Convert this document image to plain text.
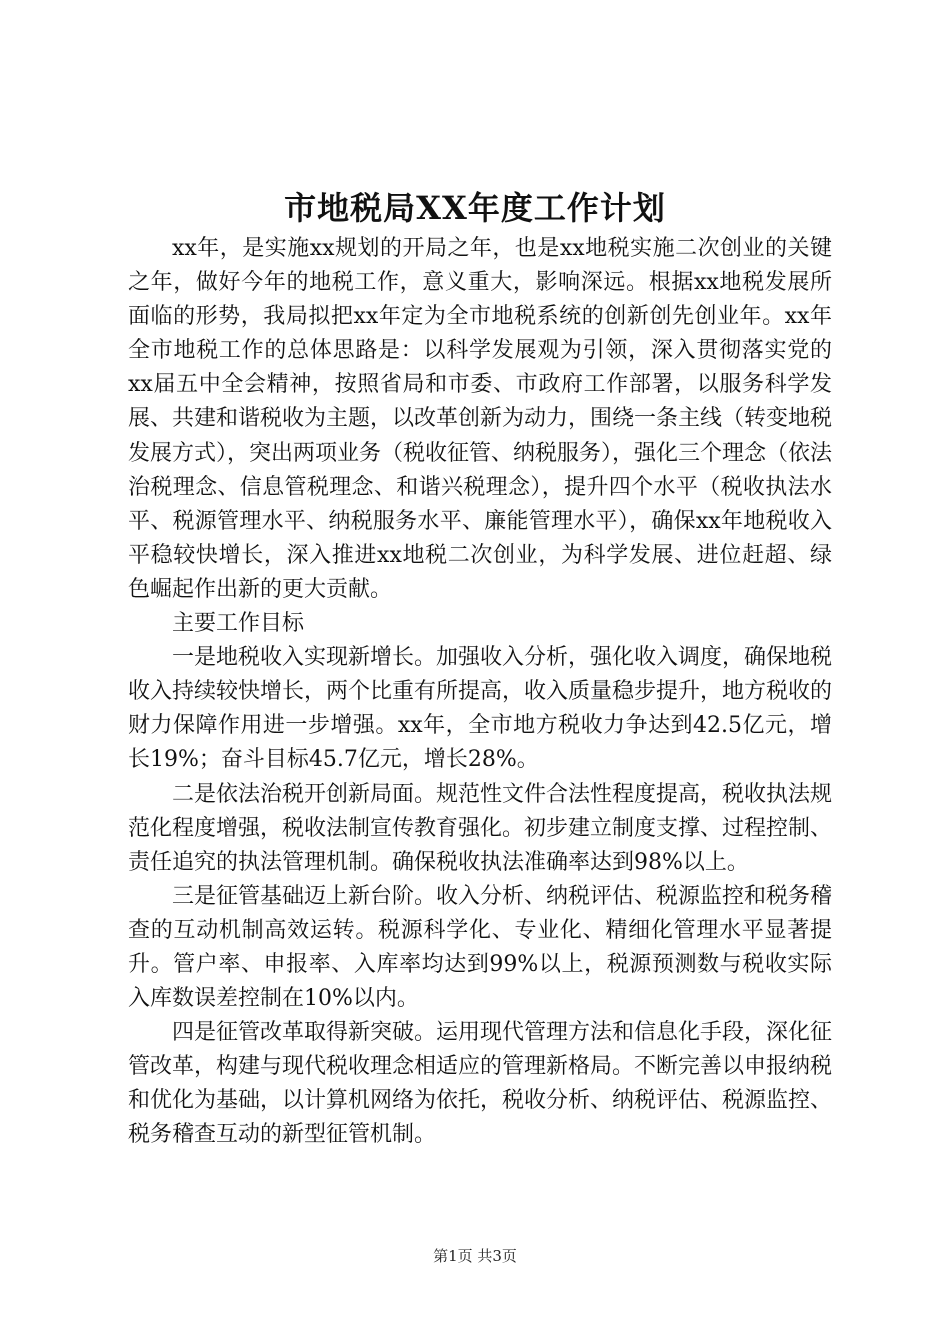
市地税局XX年度工作计划

xx年，是实施xx规划的开局之年，也是xx地税实施二次创业的关键之年，做好今年的地税工作，意义重大，影响深远。根据xx地税发展所面临的形势，我局拟把xx年定为全市地税系统的创新创先创业年。xx年全市地税工作的总体思路是：以科学发展观为引领，深入贯彻落实党的xx届五中全会精神，按照省局和市委、市政府工作部署，以服务科学发展、共建和谐税收为主题，以改革创新为动力，围绕一条主线（转变地税发展方式），突出两项业务（税收征管、纳税服务），强化三个理念（依法治税理念、信息管税理念、和谐兴税理念），提升四个水平（税收执法水平、税源管理水平、纳税服务水平、廉能管理水平），确保xx年地税收入平稳较快增长，深入推进xx地税二次创业，为科学发展、进位赶超、绿色崛起作出新的更大贡献。

主要工作目标

一是地税收入实现新增长。加强收入分析，强化收入调度，确保地税收入持续较快增长，两个比重有所提高，收入质量稳步提升，地方税收的财力保障作用进一步增强。xx年，全市地方税收力争达到42.5亿元，增长19%；奋斗目标45.7亿元，增长28%。

二是依法治税开创新局面。规范性文件合法性程度提高，税收执法规范化程度增强，税收法制宣传教育强化。初步建立制度支撑、过程控制、责任追究的执法管理机制。确保税收执法准确率达到98%以上。

三是征管基础迈上新台阶。收入分析、纳税评估、税源监控和税务稽查的互动机制高效运转。税源科学化、专业化、精细化管理水平显著提升。管户率、申报率、入库率均达到99%以上，税源预测数与税收实际入库数误差控制在10%以内。

四是征管改革取得新突破。运用现代管理方法和信息化手段，深化征管改革，构建与现代税收理念相适应的管理新格局。不断完善以申报纳税和优化为基础，以计算机网络为依托，税收分析、纳税评估、税源监控、税务稽查互动的新型征管机制。

第1页 共3页
